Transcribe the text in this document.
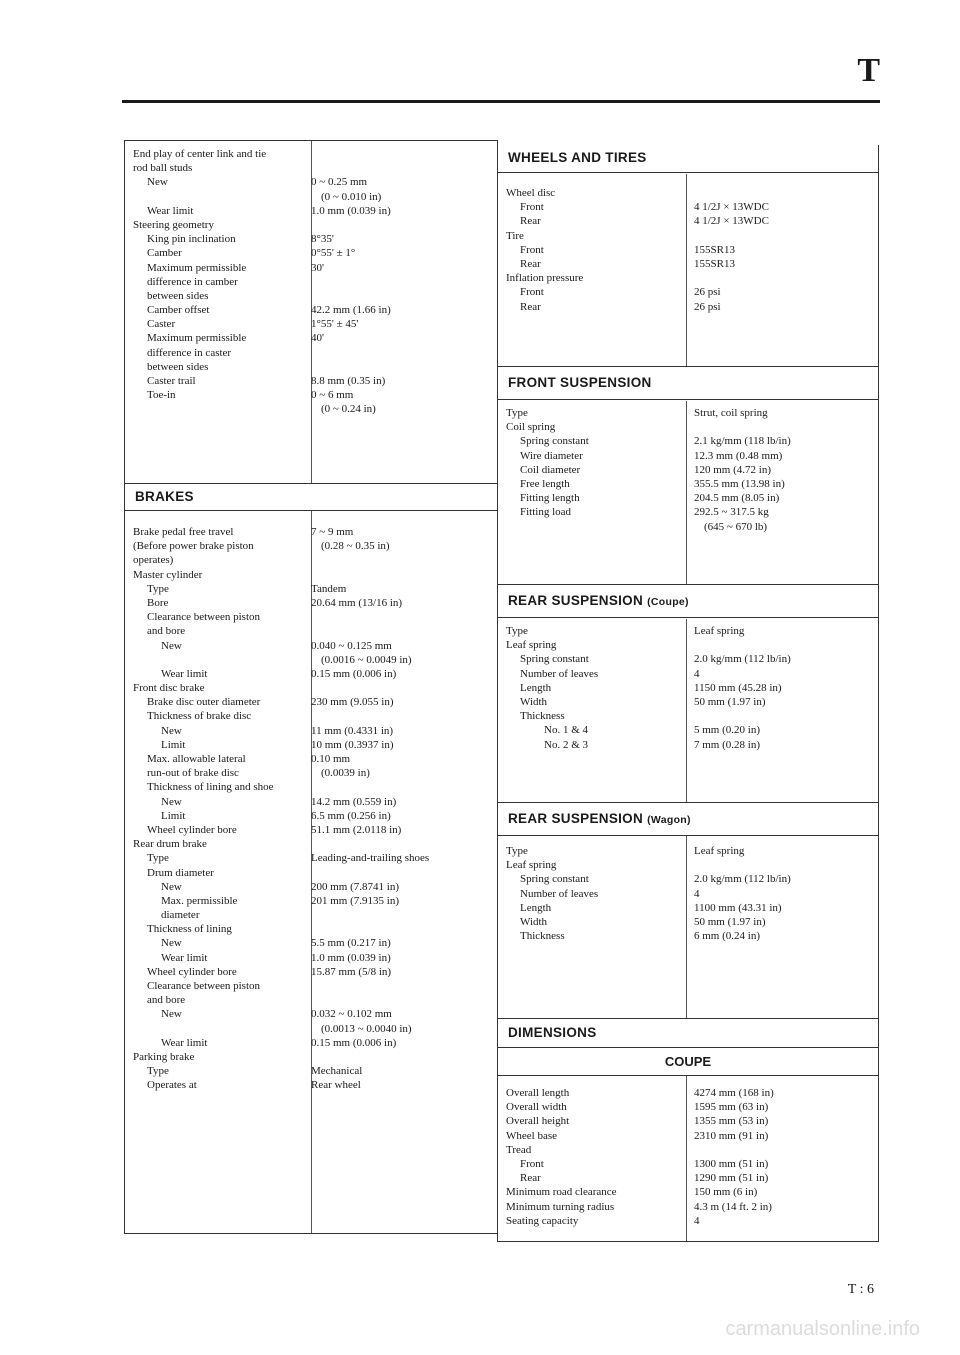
T
End play of center link and tie
rod ball studs
New	0 ~ 0.25 mm
(0 ~ 0.010 in)
Wear limit	1.0 mm (0.039 in)
Steering geometry
King pin inclination	8°35'
Camber	0°55' ± 1°
Maximum permissible	30'
difference in camber
between sides
Camber offset	42.2 mm (1.66 in)
Caster	1°55' ± 45'
Maximum permissible	40'
difference in caster
between sides
Caster trail	8.8 mm (0.35 in)
Toe-in	0 ~ 6 mm
(0 ~ 0.24 in)
BRAKES
Brake pedal free travel	7 ~ 9 mm
(Before power brake piston	(0.28 ~ 0.35 in)
operates)
Master cylinder
Type	Tandem
Bore	20.64 mm (13/16 in)
Clearance between piston
and bore
New	0.040 ~ 0.125 mm
(0.0016 ~ 0.0049 in)
Wear limit	0.15 mm (0.006 in)
Front disc brake
Brake disc outer diameter	230 mm (9.055 in)
Thickness of brake disc
New	11 mm (0.4331 in)
Limit	10 mm (0.3937 in)
Max. allowable lateral	0.10 mm
run-out of brake disc	(0.0039 in)
Thickness of lining and shoe
New	14.2 mm (0.559 in)
Limit	6.5 mm (0.256 in)
Wheel cylinder bore	51.1 mm (2.0118 in)
Rear drum brake
Type	Leading-and-trailing shoes
Drum diameter
New	200 mm (7.8741 in)
Max. permissible	201 mm (7.9135 in)
diameter
Thickness of lining
New	5.5 mm (0.217 in)
Wear limit	1.0 mm (0.039 in)
Wheel cylinder bore	15.87 mm (5/8 in)
Clearance between piston
and bore
New	0.032 ~ 0.102 mm
(0.0013 ~ 0.0040 in)
Wear limit	0.15 mm (0.006 in)
Parking brake
Type	Mechanical
Operates at	Rear wheel
WHEELS AND TIRES
Wheel disc
Front	4 1/2J × 13WDC
Rear	4 1/2J × 13WDC
Tire
Front	155SR13
Rear	155SR13
Inflation pressure
Front	26 psi
Rear	26 psi
FRONT SUSPENSION
Type	Strut, coil spring
Coil spring
Spring constant	2.1 kg/mm (118 lb/in)
Wire diameter	12.3 mm (0.48 mm)
Coil diameter	120 mm (4.72 in)
Free length	355.5 mm (13.98 in)
Fitting length	204.5 mm (8.05 in)
Fitting load	292.5 ~ 317.5 kg
(645 ~ 670 lb)
REAR SUSPENSION (Coupe)
Type	Leaf spring
Leaf spring
Spring constant	2.0 kg/mm (112 lb/in)
Number of leaves	4
Length	1150 mm (45.28 in)
Width	50 mm (1.97 in)
Thickness
No. 1 & 4	5 mm (0.20 in)
No. 2 & 3	7 mm (0.28 in)
REAR SUSPENSION (Wagon)
Type	Leaf spring
Leaf spring
Spring constant	2.0 kg/mm (112 lb/in)
Number of leaves	4
Length	1100 mm (43.31 in)
Width	50 mm (1.97 in)
Thickness	6 mm (0.24 in)
DIMENSIONS
COUPE
Overall length	4274 mm (168 in)
Overall width	1595 mm (63 in)
Overall height	1355 mm (53 in)
Wheel base	2310 mm (91 in)
Tread
Front	1300 mm (51 in)
Rear	1290 mm (51 in)
Minimum road clearance	150 mm (6 in)
Minimum turning radius	4.3 m (14 ft. 2 in)
Seating capacity	4
T : 6
carmanualsonline.info
